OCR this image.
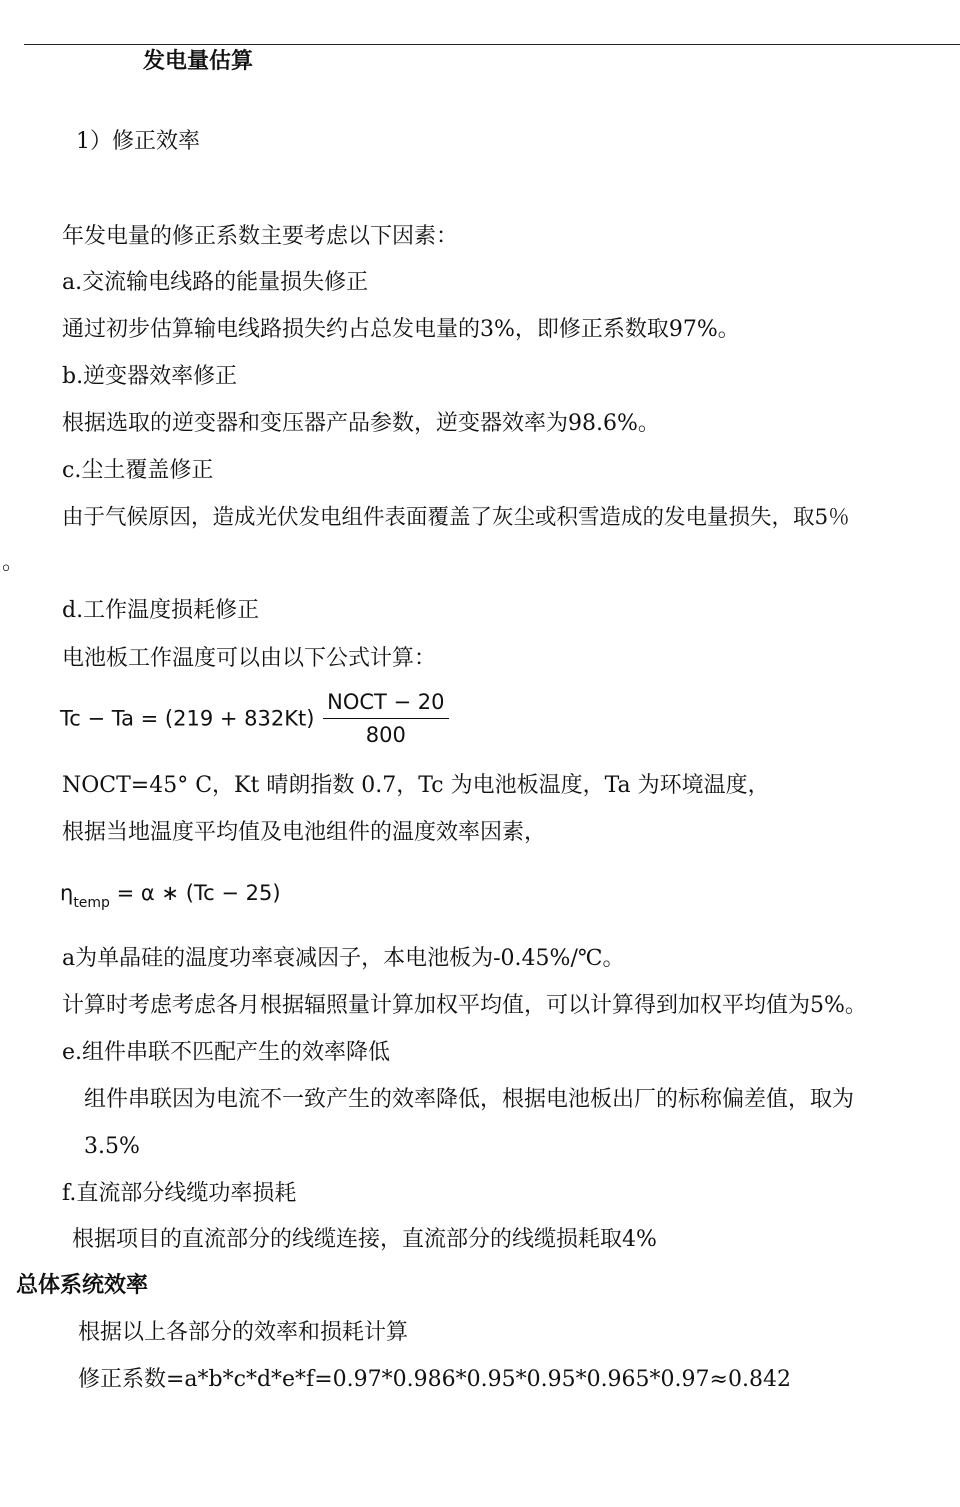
发电量估算
1）修正效率
年发电量的修正系数主要考虑以下因素：
a.交流输电线路的能量损失修正
通过初步估算输电线路损失约占总发电量的3%，即修正系数取97%。
b.逆变器效率修正
根据选取的逆变器和变压器产品参数，逆变器效率为98.6%。
c.尘土覆盖修正
由于气候原因，造成光伏发电组件表面覆盖了灰尘或积雪造成的发电量损失，取5％
。
d.工作温度损耗修正
电池板工作温度可以由以下公式计算：
$Tc - Ta = (219 + 832Kt) \frac{\text{NOCT − 20}}{800}$
NOCT=45° C，Kt 晴朗指数 0.7，Tc 为电池板温度，Ta 为环境温度，
根据当地温度平均值及电池组件的温度效率因素，
$\eta_{temp} = \alpha$ ∗ (Tc − 25)
a为单晶硅的温度功率衰减因子，本电池板为-0.45%/℃。
计算时考虑考虑各月根据辐照量计算加权平均值，可以计算得到加权平均值为5%。
e.组件串联不匹配产生的效率降低
组件串联因为电流不一致产生的效率降低，根据电池板出厂的标称偏差值，取为
3.5%
f.直流部分线缆功率损耗
根据项目的直流部分的线缆连接，直流部分的线缆损耗取4%
总体系统效率
根据以上各部分的效率和损耗计算
修正系数=a*b*c*d*e*f=0.97*0.986*0.95*0.95*0.965*0.97≈0.842
